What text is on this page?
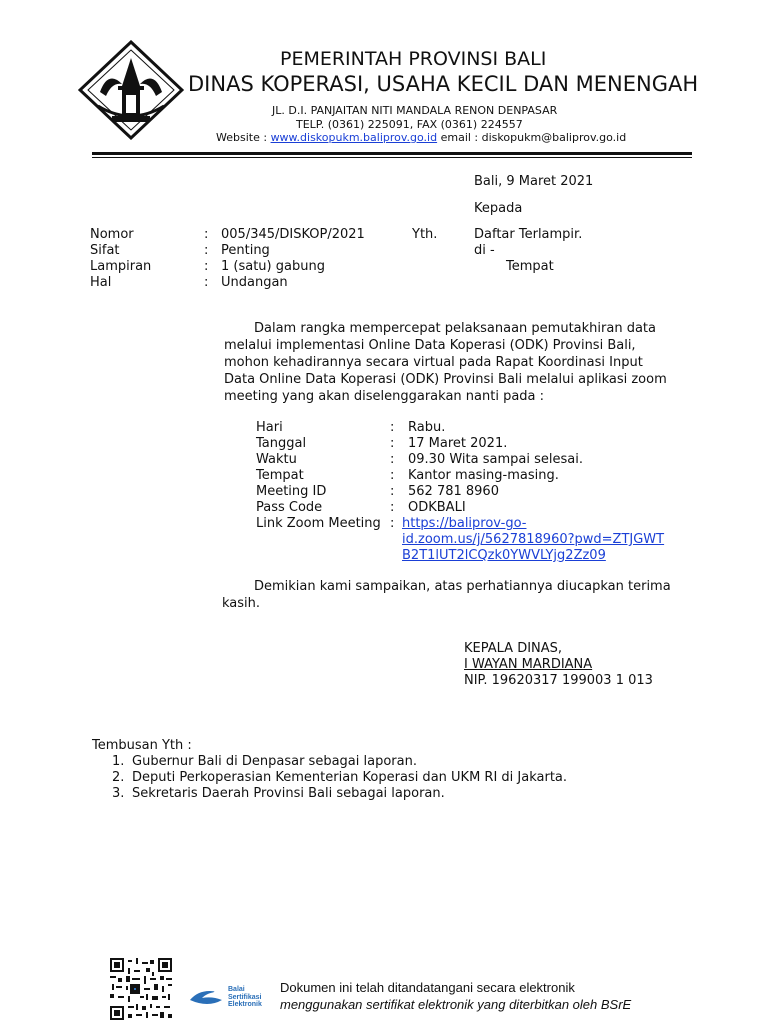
PEMERINTAH PROVINSI BALI
DINAS KOPERASI, USAHA KECIL DAN MENENGAH
JL. D.I. PANJAITAN NITI MANDALA RENON DENPASAR
TELP. (0361) 225091, FAX (0361) 224557
Website : www.diskopukm.baliprov.go.id email : diskopukm@baliprov.go.id
Bali, 9 Maret 2021
Kepada
Yth.	Daftar Terlampir.
di -
Tempat
Nomor	: 005/345/DISKOP/2021
Sifat	: Penting
Lampiran	: 1 (satu) gabung
Hal	: Undangan
Dalam rangka mempercepat pelaksanaan pemutakhiran data
melalui implementasi Online Data Koperasi (ODK) Provinsi Bali,
mohon kehadirannya secara virtual pada Rapat Koordinasi Input
Data Online Data Koperasi (ODK) Provinsi Bali melalui aplikasi zoom
meeting yang akan diselenggarakan nanti pada :
Hari	: Rabu.
Tanggal	: 17 Maret 2021.
Waktu	: 09.30 Wita sampai selesai.
Tempat	: Kantor masing-masing.
Meeting ID	: 562 781 8960
Pass Code	: ODKBALI
Link Zoom Meeting : https://baliprov-go-
id.zoom.us/j/5627818960?pwd=ZTJGWT
B2T1lUT2lCQzk0YWVLYjg2Zz09
Demikian kami sampaikan, atas perhatiannya diucapkan terima
kasih.
KEPALA DINAS,
I WAYAN MARDIANA
NIP. 19620317 199003 1 013
Tembusan Yth :
1. Gubernur Bali di Denpasar sebagai laporan.
2. Deputi Perkoperasian Kementerian Koperasi dan UKM RI di Jakarta.
3. Sekretaris Daerah Provinsi Bali sebagai laporan.
Balai
Sertifikasi
Elektronik
Dokumen ini telah ditandatangani secara elektronik
menggunakan sertifikat elektronik yang diterbitkan oleh BSrE
